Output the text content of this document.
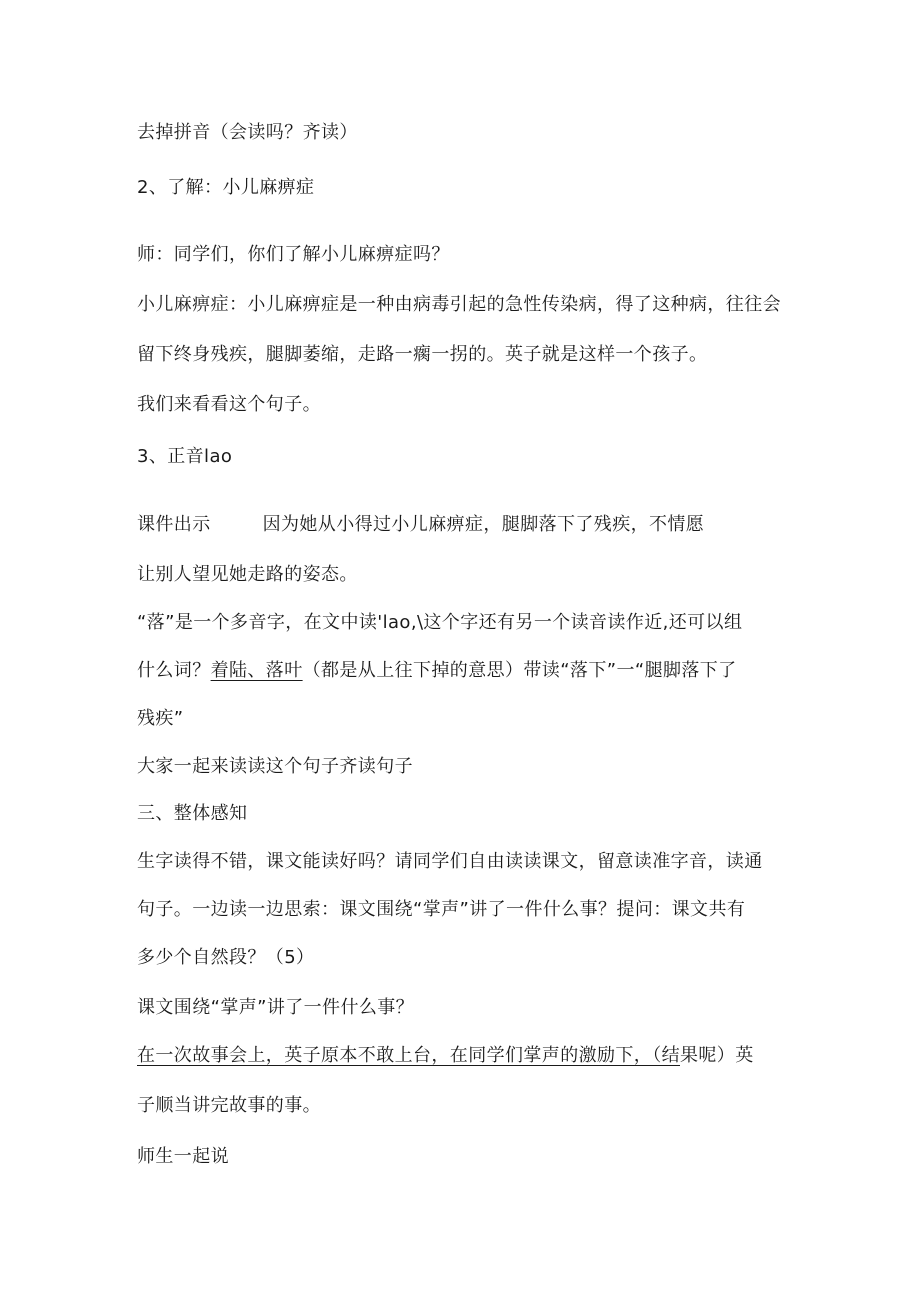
去掉拼音（会读吗？齐读）
2、了解：小儿麻痹症
师：同学们，你们了解小儿麻痹症吗？
小儿麻痹症：小儿麻痹症是一种由病毒引起的急性传染病，得了这种病，往往会
留下终身残疾，腿脚萎缩，走路一瘸一拐的。英子就是这样一个孩子。
我们来看看这个句子。
3、正音lao
课件出示	因为她从小得过小儿麻痹症，腿脚落下了残疾，不情愿
让别人望见她走路的姿态。
“落”是一个多音字，在文中读'lao,\这个字还有另一个读音读作近,还可以组
什么词？着陆、落叶（都是从上往下掉的意思）带读“落下”一“腿脚落下了
残疾”
大家一起来读读这个句子齐读句子
三、整体感知
生字读得不错，课文能读好吗？请同学们自由读读课文，留意读准字音，读通
句子。一边读一边思索：课文围绕“掌声”讲了一件什么事？提问：课文共有
多少个自然段？（5）
课文围绕“掌声”讲了一件什么事？
在一次故事会上，英子原本不敢上台，在同学们掌声的激励下，（结果呢）英
子顺当讲完故事的事。
师生一起说
